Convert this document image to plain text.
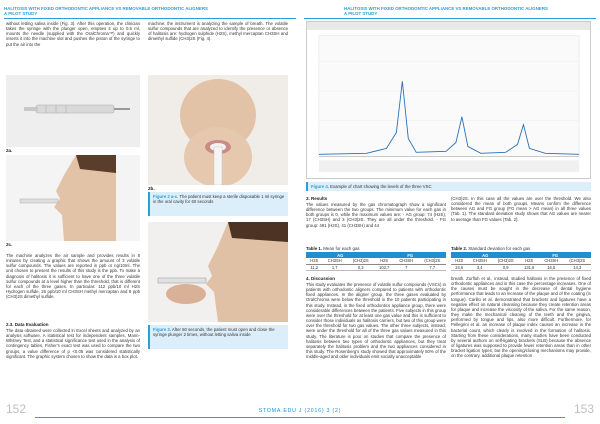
HALITOSIS WITH FIXED ORTHODONTIC APPLIANCE VS REMOVABLE ORTHODONTIC ALIGNERS
A PILOT STUDY
without letting saliva inside (Fig. 3). After this operation, the clinician takes the syringe with the plunger open, empties it up to 0.5 ml, mounts the needle (supplied with the OralChroma™) and quickly inserts it into the machine slot and pushes the piston of the syringe to put the air into the
machine: the instrument is analyzing the sample of breath. The volatile sulfur compounds that are analyzed to identify the presence or absence of halitosis are: hydrogen sulphide (H2S), methyl mercaptan CH3SH and dimethyl sulfide (CH3)2S (Fig. 4).
2a.
2b.
2c.
Figure 2 a-c. The patient must keep a sterile disposable 1 ml syringe in the oral cavity for 60 seconds
The machine analyzes the air sample and provides results in 8 minutes by creating a graphic that shows the amount of 3 volatile sulfur compounds. The values are reported in ppb or ng/10ml. The unit chosen to present the results of this study is the ppb. To make a diagnosis of halitosis it is sufficient to have one of the three volatile sulfur compounds at a level higher than the threshold, that is different for each of the three gases. In particular: 112 ppb/10 ml H2S Hydrogen sulfide, 26 ppb/10 ml CH3SH methyl mercaptan and 8 ppb (CH3)2S dimethyl sulfide.
2.3. Data Evaluation
The data obtained were collected in Excel sheets and analyzed by an analysis software. A statistical test for independent samples, Mann-Whitney Test, and a statistical significance test used in the analysis of contingency tables, Fisher's exact test was used to compare the two groups, a value difference of p <0.05 was considered statistically significant. The graphic system chosen to show the data is a box plot.
Figure 3. After 60 seconds, the patient must open and close the syringe plunger 2 times, without letting saliva inside
152
HALITOSIS WITH FIXED ORTHODONTIC APPLIANCE VS REMOVABLE ORTHODONTIC ALIGNERS
A PILOT STUDY
Figure 4. Example of chart showing the levels of the three VSC
3. Results
The values measured by the gas chromatograph show a significant difference between the two groups. The minimum value for each gas in both groups is 0, while the maximum values are: - AG group: 74 (H2S), 17 (CH3SH) and 3 (CH3)2S. They are all under the threshold. - FG group: 491 (H2S), 41 (CH3SH) and 44
(CH3)2S. In this case all the values are over the threshold. We also considered the mean of both groups. Means confirm the difference between AG and FG group (FG mean > AG mean) in all three values (Tab. 1). The standard deviation study shows that AG values are nearer to average than FG values (Tab. 2).
Table 1. Mean for each gas
AG			FG		
H2S	CH3SH	(CH3)2S	H2S	CH3SH	(CH3)2S
11,2	1,7	0,3	103,7	7	7,7
Table 2. Standard deviation for each gas
AG			FG		
H2S	CH3SH	(CH3)2S	H2S	CH3SH	(CH3)2S
24,6	3,4	0,9	131,6	16,5	14,3
4. Discussion
This study evaluates the presence of volatile sulfur compounds (VSCs) in patients with orthodontic aligners compared to patients with orthodontic fixed appliances. In the aligner group, the three gases evaluated by OralChroma were below the threshold in the 10 patients participating in this study. Instead, in the fixed orthodontics appliance group, there were considerable differences between the patients. Five subjects in this group were over the threshold for at least one gas value and this is sufficient to consider those individuals as halitosis carriers, but two of this group were over the threshold for two gas values. The other three subjects, instead, were under the threshold for all of the three gas values measured in this study. The literature is poor on studies that compare the presence of halitosis between two types of orthodontic appliances, but they treat separately the halitosis problem and the two appliances considered in this study. The Rosenberg's study showed that approximately 50% of the middle-aged and older individuals emit socially unacceptable
breath. Zurfluh et al., instead, studied halitosis in the presence of fixed orthodontic appliances and in this case the percentage increases. One of the causes must be sought in the decrease of dental hygiene performance that leads to an increase of the plaque and of the coating (in tongue). Carillo et al. demonstrated that brackets and ligatures have a negative effect on natural cleansing because they create retention areas for plaque and increase the viscosity of the saliva. For the same reason, they make the mechanical cleaning of the teeth and the gingiva, performed by tongue and lips, also more difficult. Furthermore, for Pellegrini et al. an increase of plaque index causes an increase in the bacterial count, which clearly is involved in the formation of halitosis. Starting from these considerations, many studies have been conducted by several authors on self-ligating brackets (SLB) because the absence of ligatures was supposed to provide fewer retention areas than in other bracket ligation types, but the opening/closing mechanisms may provide, on the contrary, additional plaque retention
153
STOMA.EDU J (2016) 3 (2)
